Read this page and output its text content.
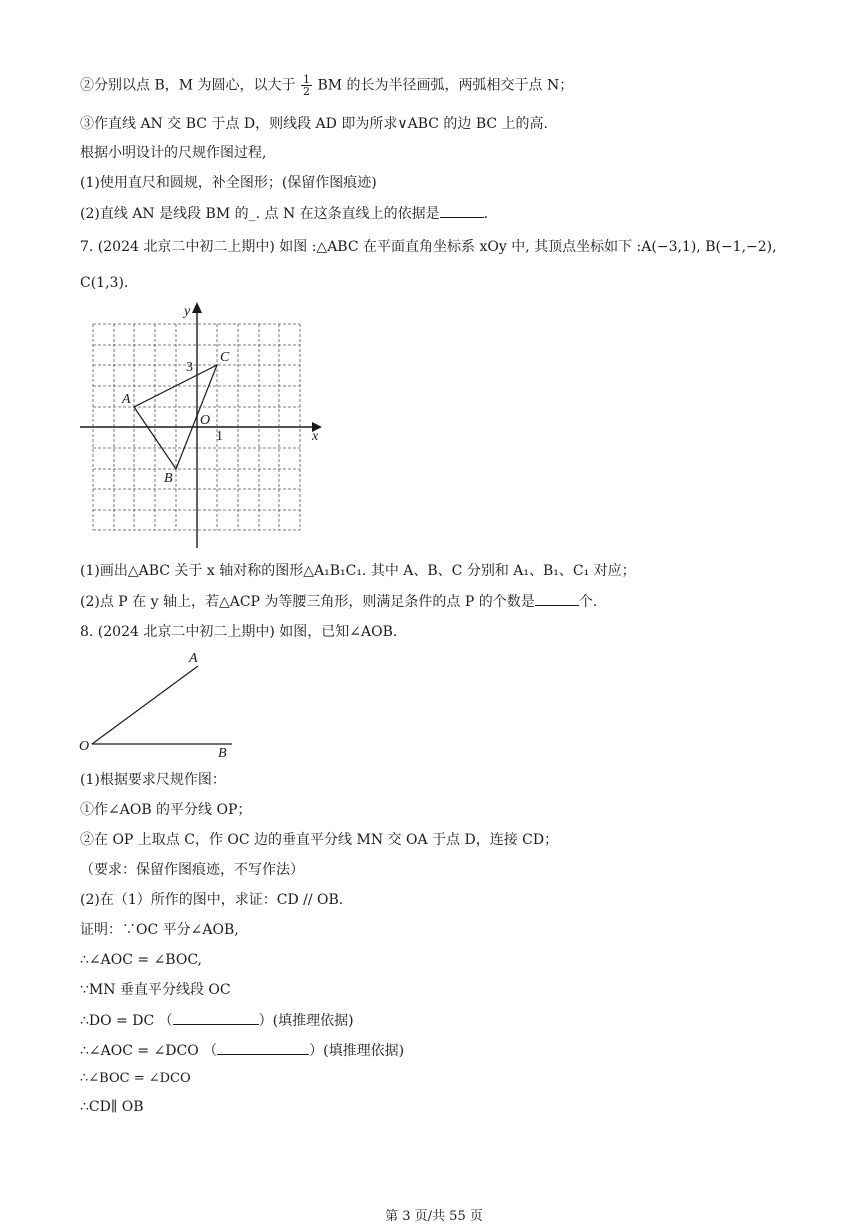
②分别以点 B，M 为圆心，以大于 $\frac{1}{2}$ BM 的长为半径画弧，两弧相交于点 N；
③作直线 AN 交 BC 于点 D，则线段 AD 即为所求∨ABC 的边 BC 上的高.
根据小明设计的尺规作图过程,
(1)使用直尺和圆规，补全图形；(保留作图痕迹)
(2)直线 AN 是线段 BM 的_. 点 N 在这条直线上的依据是	.
7. (2024 北京二中初二上期中) 如图 :△ABC 在平面直角坐标系 xOy 中, 其顶点坐标如下 :A(−3,1), B(−1,−2),
C(1,3).
y
x
O
3
1
A
B
C
(1)画出△ABC 关于 x 轴对称的图形△A₁B₁C₁. 其中 A、B、C 分别和 A₁、B₁、C₁ 对应；
(2)点 P 在 y 轴上，若△ACP 为等腰三角形，则满足条件的点 P 的个数是	个.
8. (2024 北京二中初二上期中) 如图，已知∠AOB.
O
A
B
(1)根据要求尺规作图：
①作∠AOB 的平分线 OP；
②在 OP 上取点 C，作 OC 边的垂直平分线 MN 交 OA 于点 D，连接 CD；
（要求：保留作图痕迹，不写作法）
(2)在（1）所作的图中，求证：CD // OB.
证明：∵OC 平分∠AOB,
∴∠AOC = ∠BOC,
∵MN 垂直平分线段 OC
∴DO = DC （	）(填推理依据)
∴∠AOC = ∠DCO （	）(填推理依据)
∴∠BOC = ∠DCO
∴CD∥ OB
第 3 页/共 55 页
